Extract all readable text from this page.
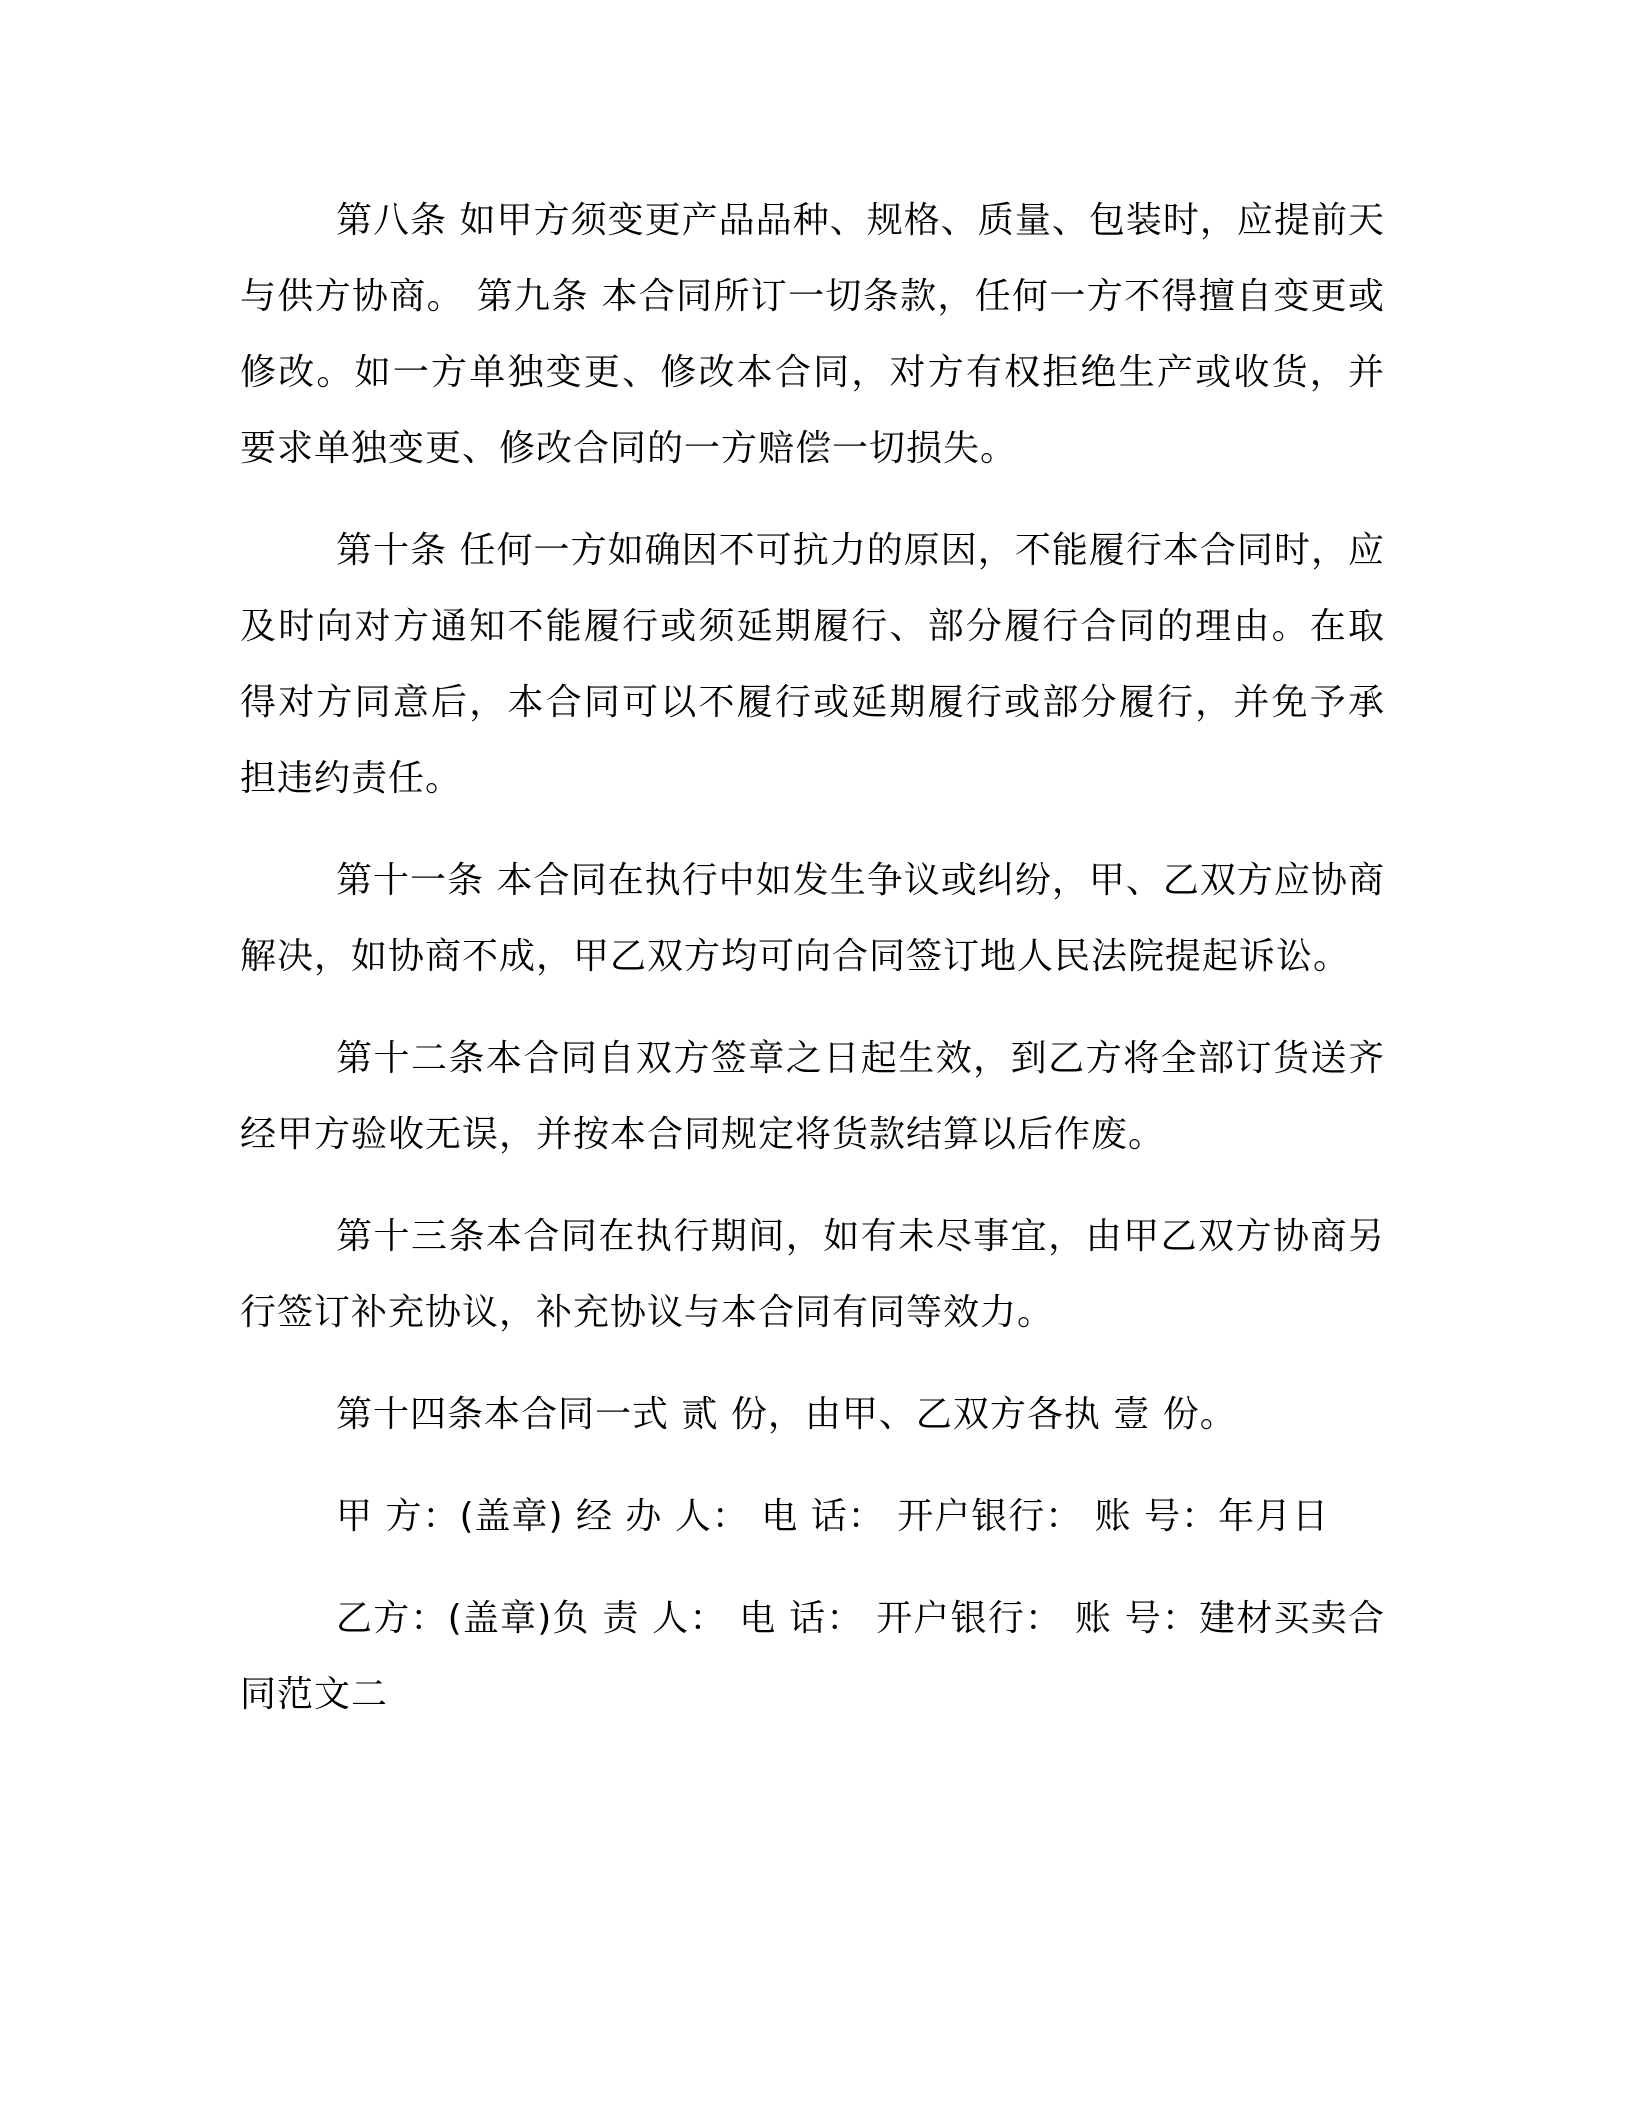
第八条 如甲方须变更产品品种、规格、质量、包装时，应提前天与供方协商。 第九条 本合同所订一切条款，任何一方不得擅自变更或修改。如一方单独变更、修改本合同，对方有权拒绝生产或收货，并要求单独变更、修改合同的一方赔偿一切损失。

第十条 任何一方如确因不可抗力的原因，不能履行本合同时，应及时向对方通知不能履行或须延期履行、部分履行合同的理由。在取得对方同意后，本合同可以不履行或延期履行或部分履行，并免予承担违约责任。

第十一条 本合同在执行中如发生争议或纠纷，甲、乙双方应协商解决，如协商不成，甲乙双方均可向合同签订地人民法院提起诉讼。

第十二条本合同自双方签章之日起生效，到乙方将全部订货送齐经甲方验收无误，并按本合同规定将货款结算以后作废。

第十三条本合同在执行期间，如有未尽事宜，由甲乙双方协商另行签订补充协议，补充协议与本合同有同等效力。

第十四条本合同一式 贰 份，由甲、乙双方各执 壹 份。

甲 方：(盖章) 经 办 人： 电 话： 开户银行： 账 号：年月日

乙方：(盖章)负 责 人： 电 话： 开户银行： 账 号：建材买卖合同范文二
